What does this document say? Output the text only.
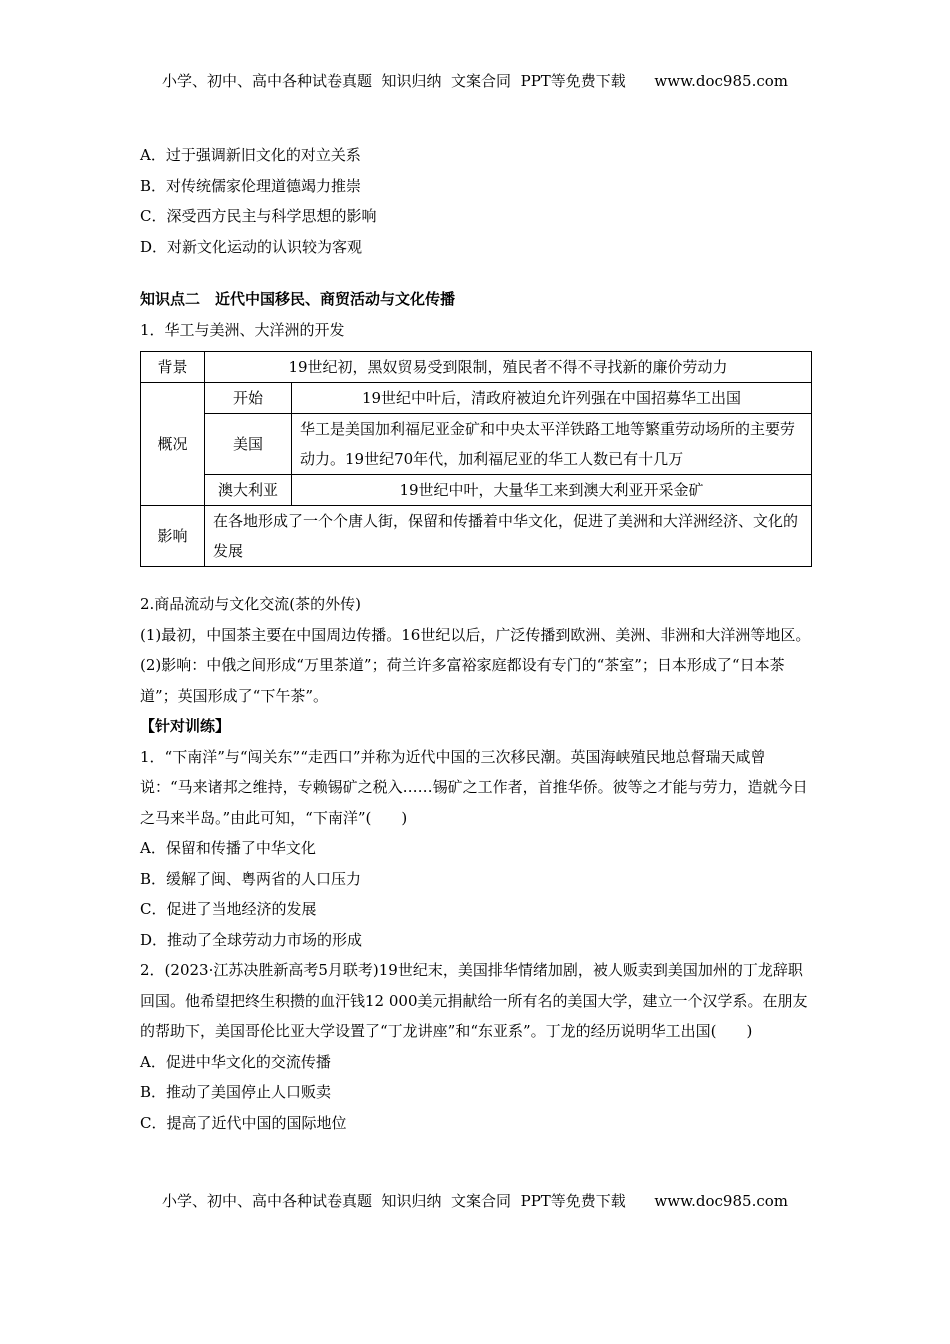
小学、初中、高中各种试卷真题  知识归纳  文案合同  PPT等免费下载      www.doc985.com
A．过于强调新旧文化的对立关系
B．对传统儒家伦理道德竭力推崇
C．深受西方民主与科学思想的影响
D．对新文化运动的认识较为客观
知识点二　近代中国移民、商贸活动与文化传播
1．华工与美洲、大洋洲的开发
背景	19世纪初，黑奴贸易受到限制，殖民者不得不寻找新的廉价劳动力	
概况	开始	19世纪中叶后，清政府被迫允许列强在中国招募华工出国
	美国	华工是美国加利福尼亚金矿和中央太平洋铁路工地等繁重劳动场所的主要劳动力。19世纪70年代，加利福尼亚的华工人数已有十几万
	澳大利亚	19世纪中叶，大量华工来到澳大利亚开采金矿
影响	在各地形成了一个个唐人街，保留和传播着中华文化，促进了美洲和大洋洲经济、文化的发展	
2.商品流动与文化交流(茶的外传)
(1)最初，中国茶主要在中国周边传播。16世纪以后，广泛传播到欧洲、美洲、非洲和大洋洲等地区。
(2)影响：中俄之间形成“万里茶道”；荷兰许多富裕家庭都设有专门的“茶室”；日本形成了“日本茶道”；英国形成了“下午茶”。
【针对训练】
1．“下南洋”与“闯关东”“走西口”并称为近代中国的三次移民潮。英国海峡殖民地总督瑞天咸曾说：“马来诸邦之维持，专赖锡矿之税入……锡矿之工作者，首推华侨。彼等之才能与劳力，造就今日之马来半岛。”由此可知，“下南洋”(　　)
A．保留和传播了中华文化
B．缓解了闽、粤两省的人口压力
C．促进了当地经济的发展
D．推动了全球劳动力市场的形成
2．(2023·江苏决胜新高考5月联考)19世纪末，美国排华情绪加剧，被人贩卖到美国加州的丁龙辞职回国。他希望把终生积攒的血汗钱12 000美元捐献给一所有名的美国大学，建立一个汉学系。在朋友的帮助下，美国哥伦比亚大学设置了“丁龙讲座”和“东亚系”。丁龙的经历说明华工出国(　　)
A．促进中华文化的交流传播
B．推动了美国停止人口贩卖
C．提高了近代中国的国际地位
小学、初中、高中各种试卷真题  知识归纳  文案合同  PPT等免费下载      www.doc985.com
